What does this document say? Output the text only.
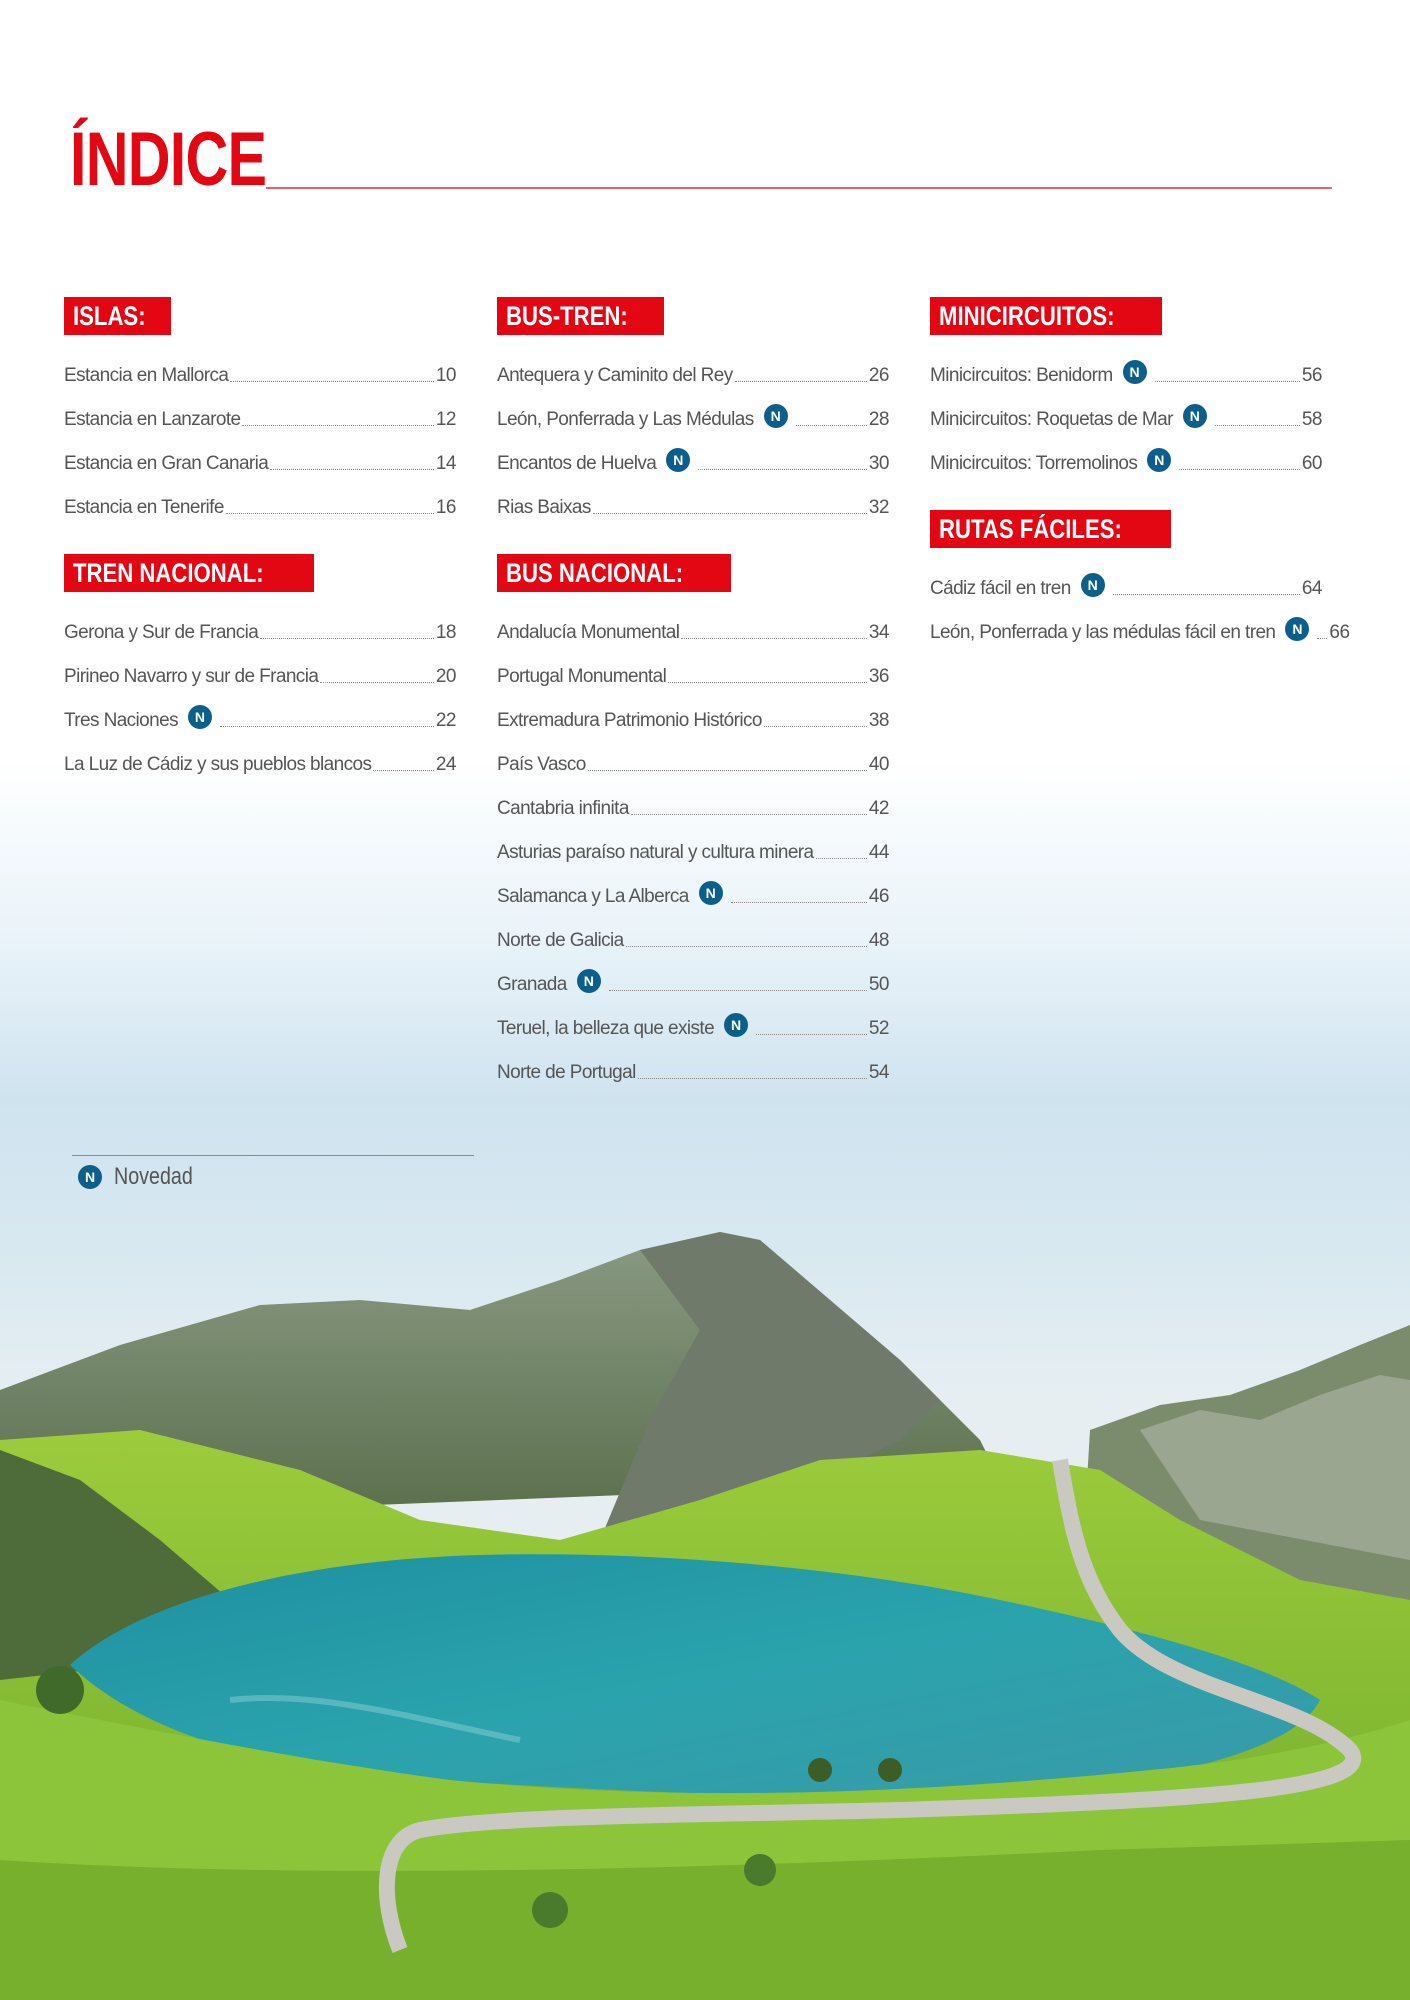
ÍNDICE
ISLAS:
Estancia en Mallorca	10
Estancia en Lanzarote	12
Estancia en Gran Canaria	14
Estancia en Tenerife	16
TREN NACIONAL:
Gerona y Sur de Francia	18
Pirineo Navarro y sur de Francia	20
Tres Naciones	N	22
La Luz de Cádiz y sus pueblos blancos	24
BUS-TREN:
Antequera y Caminito del Rey	26
León, Ponferrada y Las Médulas	N	28
Encantos de Huelva	N	30
Rias Baixas	32
BUS NACIONAL:
Andalucía Monumental	34
Portugal Monumental	36
Extremadura Patrimonio Histórico	38
País Vasco	40
Cantabria infinita	42
Asturias paraíso natural y cultura minera	44
Salamanca y La Alberca	N	46
Norte de Galicia	48
Granada	N	50
Teruel, la belleza que existe	N	52
Norte de Portugal	54
MINICIRCUITOS:
Minicircuitos: Benidorm	N	56
Minicircuitos: Roquetas de Mar	N	58
Minicircuitos: Torremolinos	N	60
RUTAS FÁCILES:
Cádiz fácil en tren	N	64
León, Ponferrada y las médulas fácil en tren	N	66
N Novedad
